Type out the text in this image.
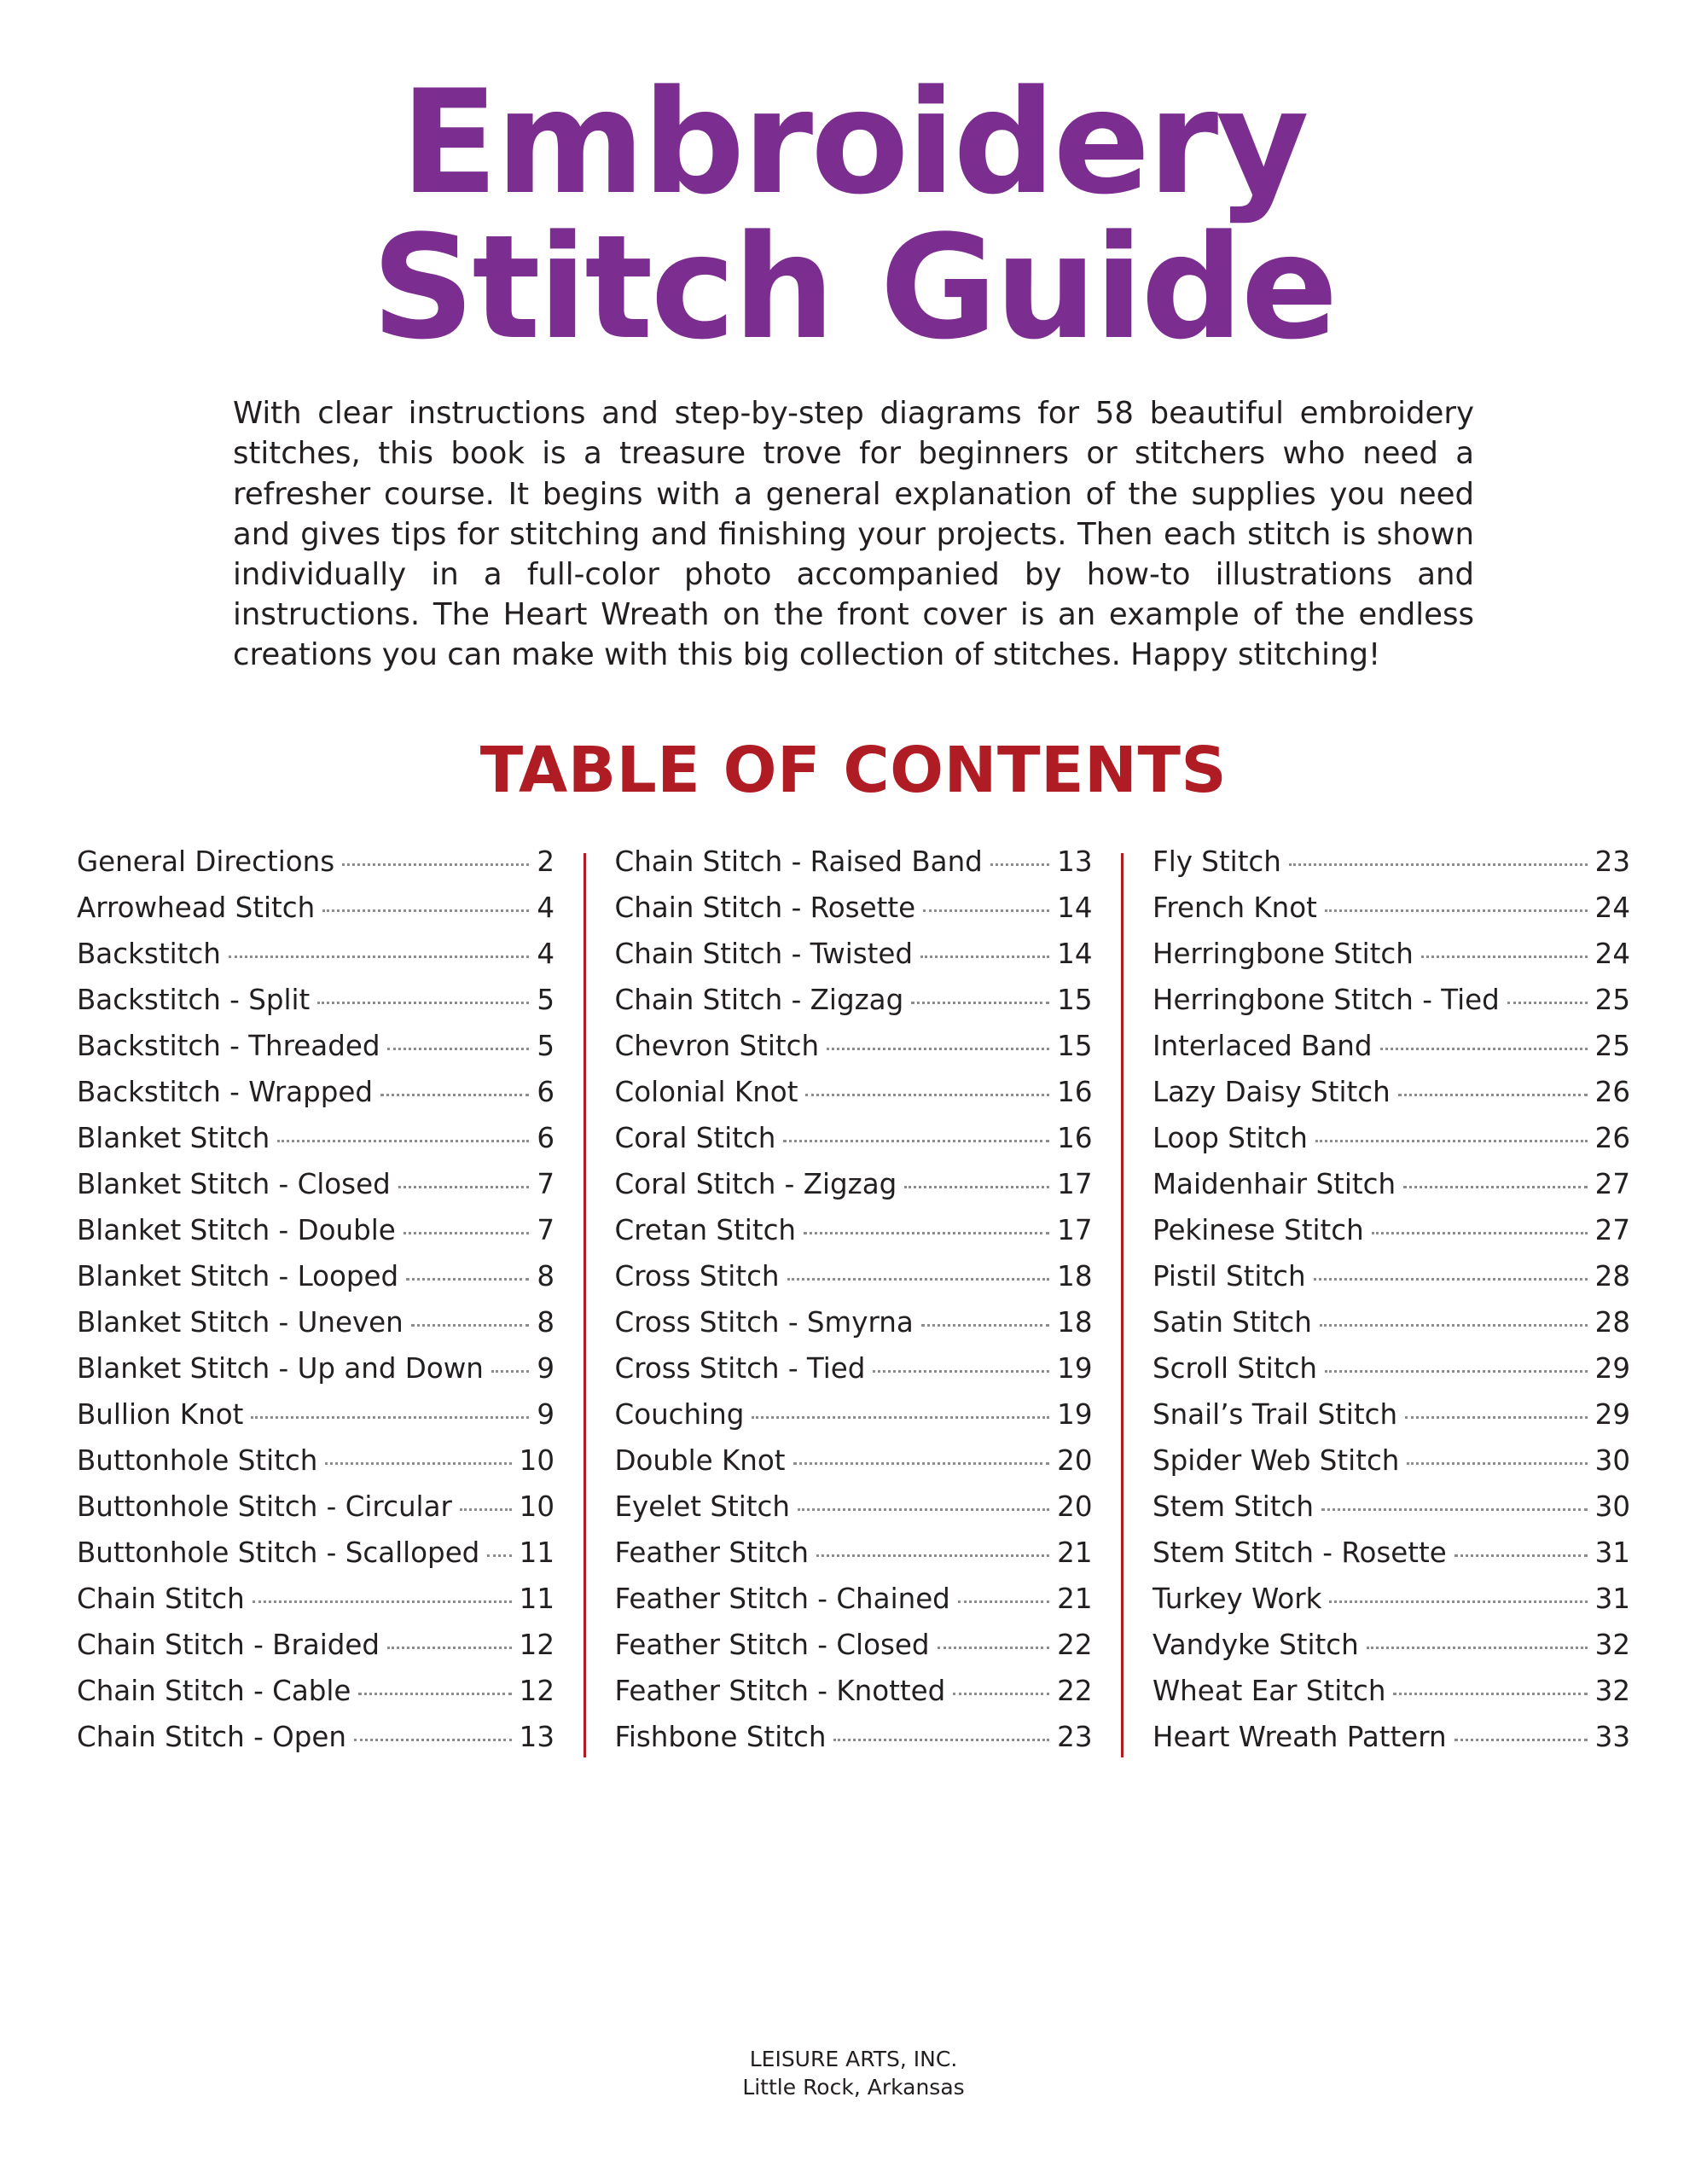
Embroidery
Stitch Guide

With clear instructions and step-by-step diagrams for 58 beautiful embroidery stitches, this book is a treasure trove for beginners or stitchers who need a refresher course. It begins with a general explanation of the supplies you need and gives tips for stitching and finishing your projects. Then each stitch is shown individually in a full-color photo accompanied by how-to illustrations and instructions. The Heart Wreath on the front cover is an example of the endless creations you can make with this big collection of stitches. Happy stitching!

TABLE OF CONTENTS
General Directions	2
Arrowhead Stitch	4
Backstitch	4
Backstitch - Split	5
Backstitch - Threaded	5
Backstitch - Wrapped	6
Blanket Stitch	6
Blanket Stitch - Closed	7
Blanket Stitch - Double	7
Blanket Stitch - Looped	8
Blanket Stitch - Uneven	8
Blanket Stitch - Up and Down 9
Bullion Knot	9
Buttonhole Stitch	10
Buttonhole Stitch - Circular 10
Buttonhole Stitch - Scalloped 11
Chain Stitch	11
Chain Stitch - Braided	12
Chain Stitch - Cable	12
Chain Stitch - Open	13
Chain Stitch - Raised Band	13
Chain Stitch - Rosette	14
Chain Stitch - Twisted	14
Chain Stitch - Zigzag	15
Chevron Stitch	15
Colonial Knot	16
Coral Stitch	16
Coral Stitch - Zigzag	17
Cretan Stitch	17
Cross Stitch	18
Cross Stitch - Smyrna	18
Cross Stitch - Tied	19
Couching	19
Double Knot	20
Eyelet Stitch	20
Feather Stitch	21
Feather Stitch - Chained	21
Feather Stitch - Closed	22
Feather Stitch - Knotted	22
Fishbone Stitch	23
Fly Stitch	23
French Knot	24
Herringbone Stitch	24
Herringbone Stitch - Tied	25
Interlaced Band	25
Lazy Daisy Stitch	26
Loop Stitch	26
Maidenhair Stitch	27
Pekinese Stitch	27
Pistil Stitch	28
Satin Stitch	28
Scroll Stitch	29
Snail’s Trail Stitch	29
Spider Web Stitch	30
Stem Stitch	30
Stem Stitch - Rosette	31
Turkey Work	31
Vandyke Stitch	32
Wheat Ear Stitch	32
Heart Wreath Pattern	33
LEISURE ARTS, INC.
Little Rock, Arkansas
